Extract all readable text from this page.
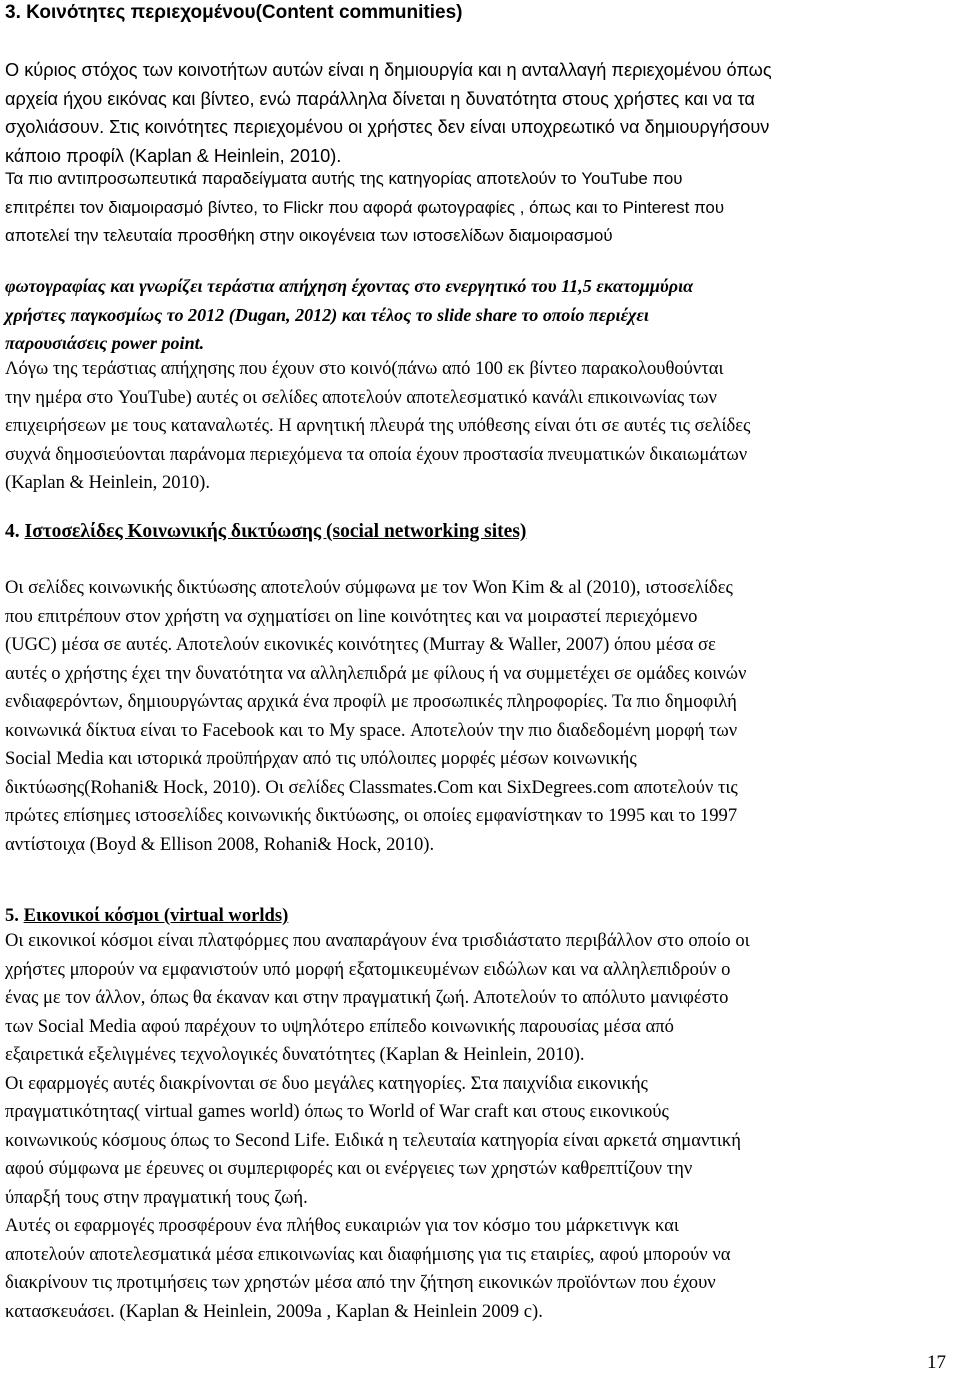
3. Κοινότητες περιεχομένου(Content communities)
Ο κύριος στόχος των κοινοτήτων αυτών είναι η δημιουργία και η ανταλλαγή περιεχομένου όπως
αρχεία ήχου εικόνας και βίντεο, ενώ παράλληλα δίνεται η δυνατότητα στους χρήστες και να τα
σχολιάσουν. Στις κοινότητες περιεχομένου οι χρήστες δεν είναι υποχρεωτικό να δημιουργήσουν
κάποιο προφίλ (Kaplan & Heinlein, 2010).
Τα πιο αντιπροσωπευτικά παραδείγματα αυτής της κατηγορίας αποτελούν το YouTube που
επιτρέπει τον διαμοιρασμό βίντεο, το Flickr που αφορά φωτογραφίες , όπως και το Pinterest που
αποτελεί την τελευταία προσθήκη στην οικογένεια των ιστοσελίδων διαμοιρασμού
φωτογραφίας και γνωρίζει τεράστια απήχηση έχοντας στο ενεργητικό του 11,5 εκατομμύρια
χρήστες παγκοσμίως το 2012 (Dugan, 2012) και τέλος το slide share το οποίο περιέχει
παρουσιάσεις power point.
Λόγω της τεράστιας απήχησης που έχουν στο κοινό(πάνω από 100 εκ βίντεο παρακολουθούνται
την ημέρα στο YouTube) αυτές οι σελίδες αποτελούν αποτελεσματικό κανάλι επικοινωνίας των
επιχειρήσεων με τους καταναλωτές. Η αρνητική πλευρά της υπόθεσης είναι ότι σε αυτές τις σελίδες
συχνά δημοσιεύονται παράνομα περιεχόμενα τα οποία έχουν προστασία πνευματικών δικαιωμάτων
(Kaplan & Heinlein, 2010).
4. Ιστοσελίδες Κοινωνικής δικτύωσης (social networking sites)
Οι σελίδες κοινωνικής δικτύωσης αποτελούν σύμφωνα με τον Won Kim & al (2010), ιστοσελίδες
που επιτρέπουν στον χρήστη να σχηματίσει on line κοινότητες και να μοιραστεί περιεχόμενο
(UGC) μέσα σε αυτές. Αποτελούν εικονικές κοινότητες (Murray & Waller, 2007) όπου μέσα σε
αυτές ο χρήστης έχει την δυνατότητα να αλληλεπιδρά με φίλους ή να συμμετέχει σε ομάδες κοινών
ενδιαφερόντων, δημιουργώντας αρχικά ένα προφίλ με προσωπικές πληροφορίες. Τα πιο δημοφιλή
κοινωνικά δίκτυα είναι το Facebook και το My space. Αποτελούν την πιο διαδεδομένη μορφή των
Social Media και ιστορικά προϋπήρχαν από τις υπόλοιπες μορφές μέσων κοινωνικής
δικτύωσης(Rohani& Hock, 2010). Οι σελίδες Classmates.Com και SixDegrees.com αποτελούν τις
πρώτες επίσημες ιστοσελίδες κοινωνικής δικτύωσης, οι οποίες εμφανίστηκαν το 1995 και το 1997
αντίστοιχα (Boyd & Ellison 2008, Rohani& Hock, 2010).
5. Εικονικοί κόσμοι (virtual worlds)
Οι εικονικοί κόσμοι είναι πλατφόρμες που αναπαράγουν ένα τρισδιάστατο περιβάλλον στο οποίο οι
χρήστες μπορούν να εμφανιστούν υπό μορφή εξατομικευμένων ειδώλων και να αλληλεπιδρούν ο
ένας με τον άλλον, όπως θα έκαναν και στην πραγματική ζωή. Αποτελούν το απόλυτο μανιφέστο
των Social Media αφού παρέχουν το υψηλότερο επίπεδο κοινωνικής παρουσίας μέσα από
εξαιρετικά εξελιγμένες τεχνολογικές δυνατότητες (Kaplan & Heinlein, 2010).
Οι εφαρμογές αυτές διακρίνονται σε δυο μεγάλες κατηγορίες. Στα παιχνίδια εικονικής
πραγματικότητας( virtual games world) όπως το World of War craft και στους εικονικούς
κοινωνικούς κόσμους όπως το Second Life. Ειδικά η τελευταία κατηγορία είναι αρκετά σημαντική
αφού σύμφωνα με έρευνες οι συμπεριφορές και οι ενέργειες των χρηστών καθρεπτίζουν την
ύπαρξή τους στην πραγματική τους ζωή.
Αυτές οι εφαρμογές προσφέρουν ένα πλήθος ευκαιριών για τον κόσμο του μάρκετινγκ και
αποτελούν αποτελεσματικά μέσα επικοινωνίας και διαφήμισης για τις εταιρίες, αφού μπορούν να
διακρίνουν τις προτιμήσεις των χρηστών μέσα από την ζήτηση εικονικών προϊόντων που έχουν
κατασκευάσει. (Kaplan & Heinlein, 2009a , Kaplan & Heinlein 2009 c).
17
